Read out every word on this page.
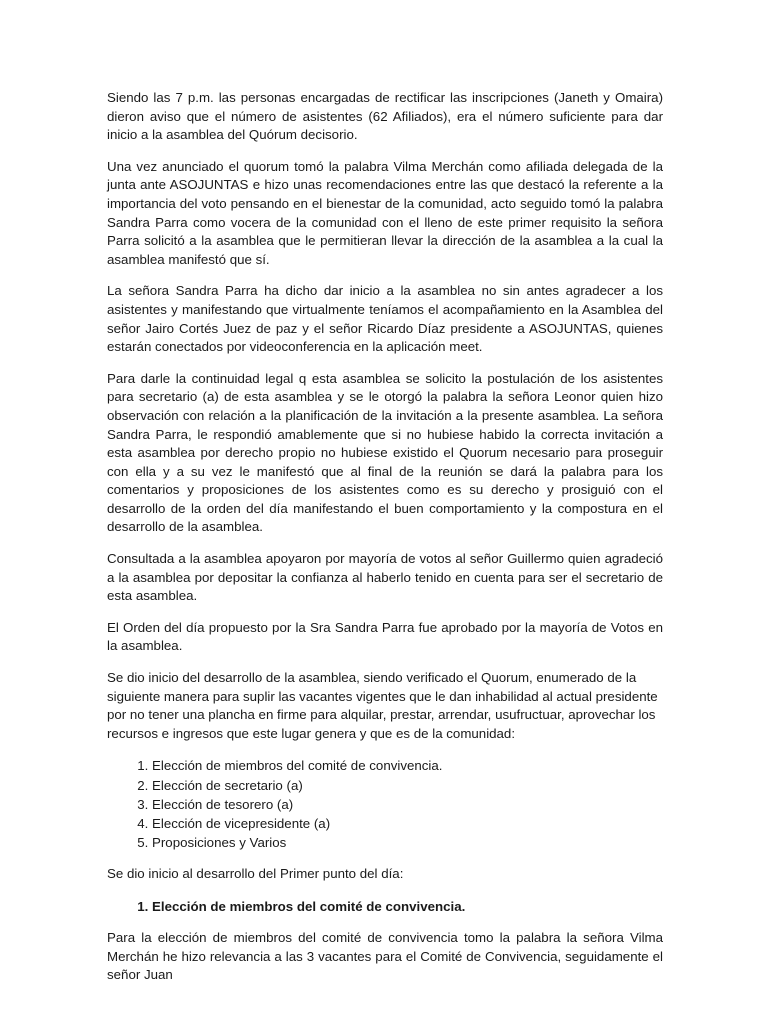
Siendo las 7 p.m. las personas encargadas de rectificar las inscripciones (Janeth y Omaira) dieron aviso que el número de asistentes (62 Afiliados), era el número suficiente para dar inicio a la asamblea del Quórum decisorio.

Una vez anunciado el quorum tomó la palabra Vilma Merchán como afiliada delegada de la junta ante ASOJUNTAS e hizo unas recomendaciones entre las que destacó la referente a la importancia del voto pensando en el bienestar de la comunidad, acto seguido tomó la palabra Sandra Parra como vocera de la comunidad con el lleno de este primer requisito la señora Parra solicitó a la asamblea que le permitieran llevar la dirección de la asamblea a la cual la asamblea manifestó que sí.

La señora Sandra Parra ha dicho dar inicio a la asamblea no sin antes agradecer a los asistentes y manifestando que virtualmente teníamos el acompañamiento en la Asamblea del señor Jairo Cortés Juez de paz y el señor Ricardo Díaz presidente a ASOJUNTAS, quienes estarán conectados por videoconferencia en la aplicación meet.

Para darle la continuidad legal q esta asamblea se solicito la postulación de los asistentes para secretario (a) de esta asamblea y se le otorgó la palabra la señora Leonor quien hizo observación con relación a la planificación de la invitación a la presente asamblea. La señora Sandra Parra, le respondió amablemente que si no hubiese habido la correcta invitación a esta asamblea por derecho propio no hubiese existido el Quorum necesario para proseguir con ella y a su vez le manifestó que al final de la reunión se dará la palabra para los comentarios y proposiciones de los asistentes como es su derecho y prosiguió con el desarrollo de la orden del día manifestando el buen comportamiento y la compostura en el desarrollo de la asamblea.

Consultada a la asamblea apoyaron por mayoría de votos al señor Guillermo quien agradeció a la asamblea por depositar la confianza al haberlo tenido en cuenta para ser el secretario de esta asamblea.

El Orden del día propuesto por la Sra Sandra Parra fue aprobado por la mayoría de Votos en la asamblea.

Se dio inicio del desarrollo de la asamblea, siendo verificado el Quorum, enumerado de la siguiente manera para suplir las vacantes vigentes que le dan inhabilidad al actual presidente por no tener una plancha en firme para alquilar, prestar, arrendar, usufructuar, aprovechar los recursos e ingresos que este lugar genera y que es de la comunidad:

1. Elección de miembros del comité de convivencia.
2. Elección de secretario (a)
3. Elección de tesorero (a)
4. Elección de vicepresidente (a)
5. Proposiciones y Varios

Se dio inicio al desarrollo del Primer punto del día:

1. Elección de miembros del comité de convivencia.

Para la elección de miembros del comité de convivencia tomo la palabra la señora Vilma Merchán he hizo relevancia a las 3 vacantes para el Comité de Convivencia, seguidamente el señor Juan
